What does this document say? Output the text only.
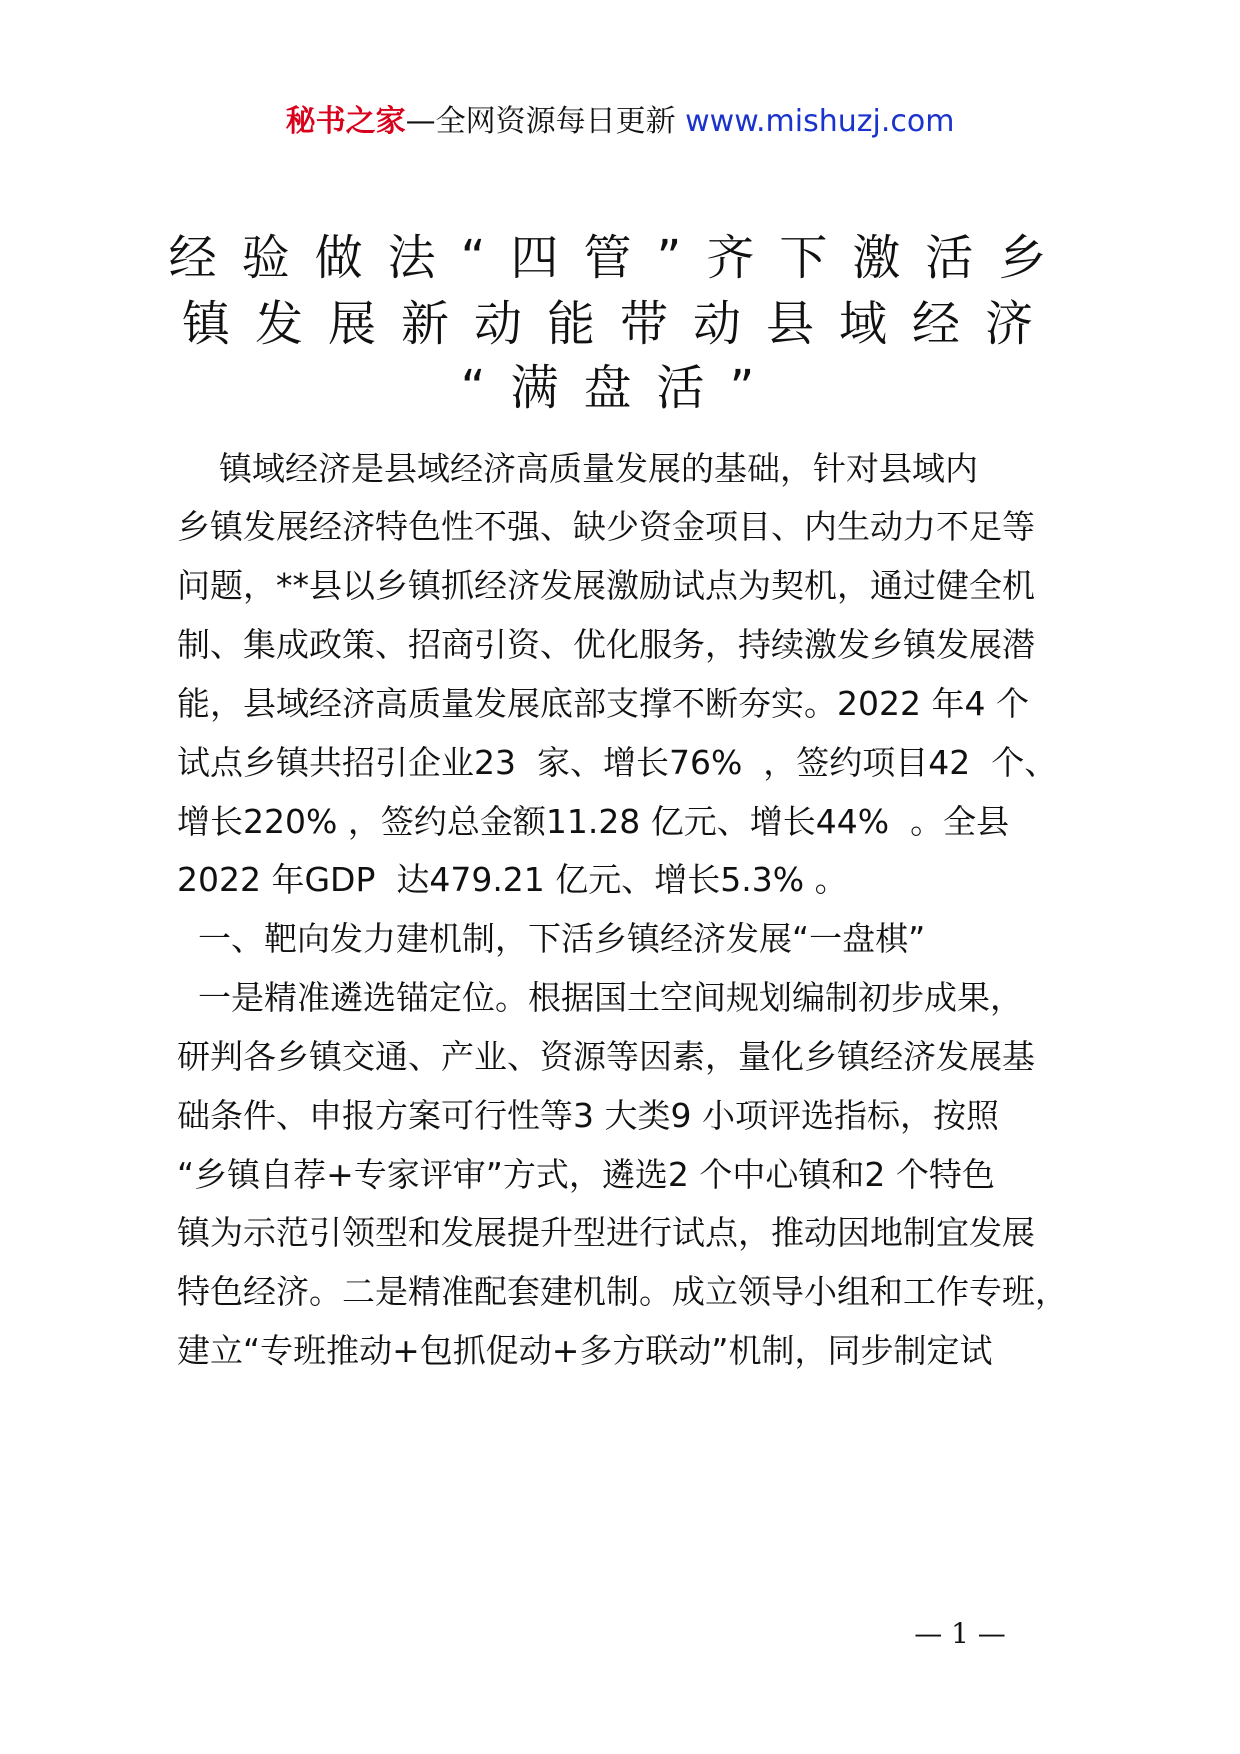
秘书之家—全网资源每日更新 www.mishuzj.com
经验做法“四管”齐下激活乡
镇发展新动能带动县域经济
“满盘活”
镇域经济是县域经济高质量发展的基础，针对县域内
乡镇发展经济特色性不强、缺少资金项目、内生动力不足等
问题，**县以乡镇抓经济发展激励试点为契机，通过健全机
制、集成政策、招商引资、优化服务，持续激发乡镇发展潜
能，县域经济高质量发展底部支撑不断夯实。2022 年4 个
试点乡镇共招引企业23  家、增长76%  ，签约项目42  个、
增长220% ，签约总金额11.28 亿元、增长44%  。全县
2022 年GDP  达479.21 亿元、增长5.3% 。
一、靶向发力建机制，下活乡镇经济发展“一盘棋”
一是精准遴选锚定位。根据国土空间规划编制初步成果，
研判各乡镇交通、产业、资源等因素，量化乡镇经济发展基
础条件、申报方案可行性等3 大类9 小项评选指标，按照
“乡镇自荐+专家评审”方式，遴选2 个中心镇和2 个特色
镇为示范引领型和发展提升型进行试点，推动因地制宜发展
特色经济。二是精准配套建机制。成立领导小组和工作专班，
建立“专班推动+包抓促动+多方联动”机制，同步制定试
— 1 —
